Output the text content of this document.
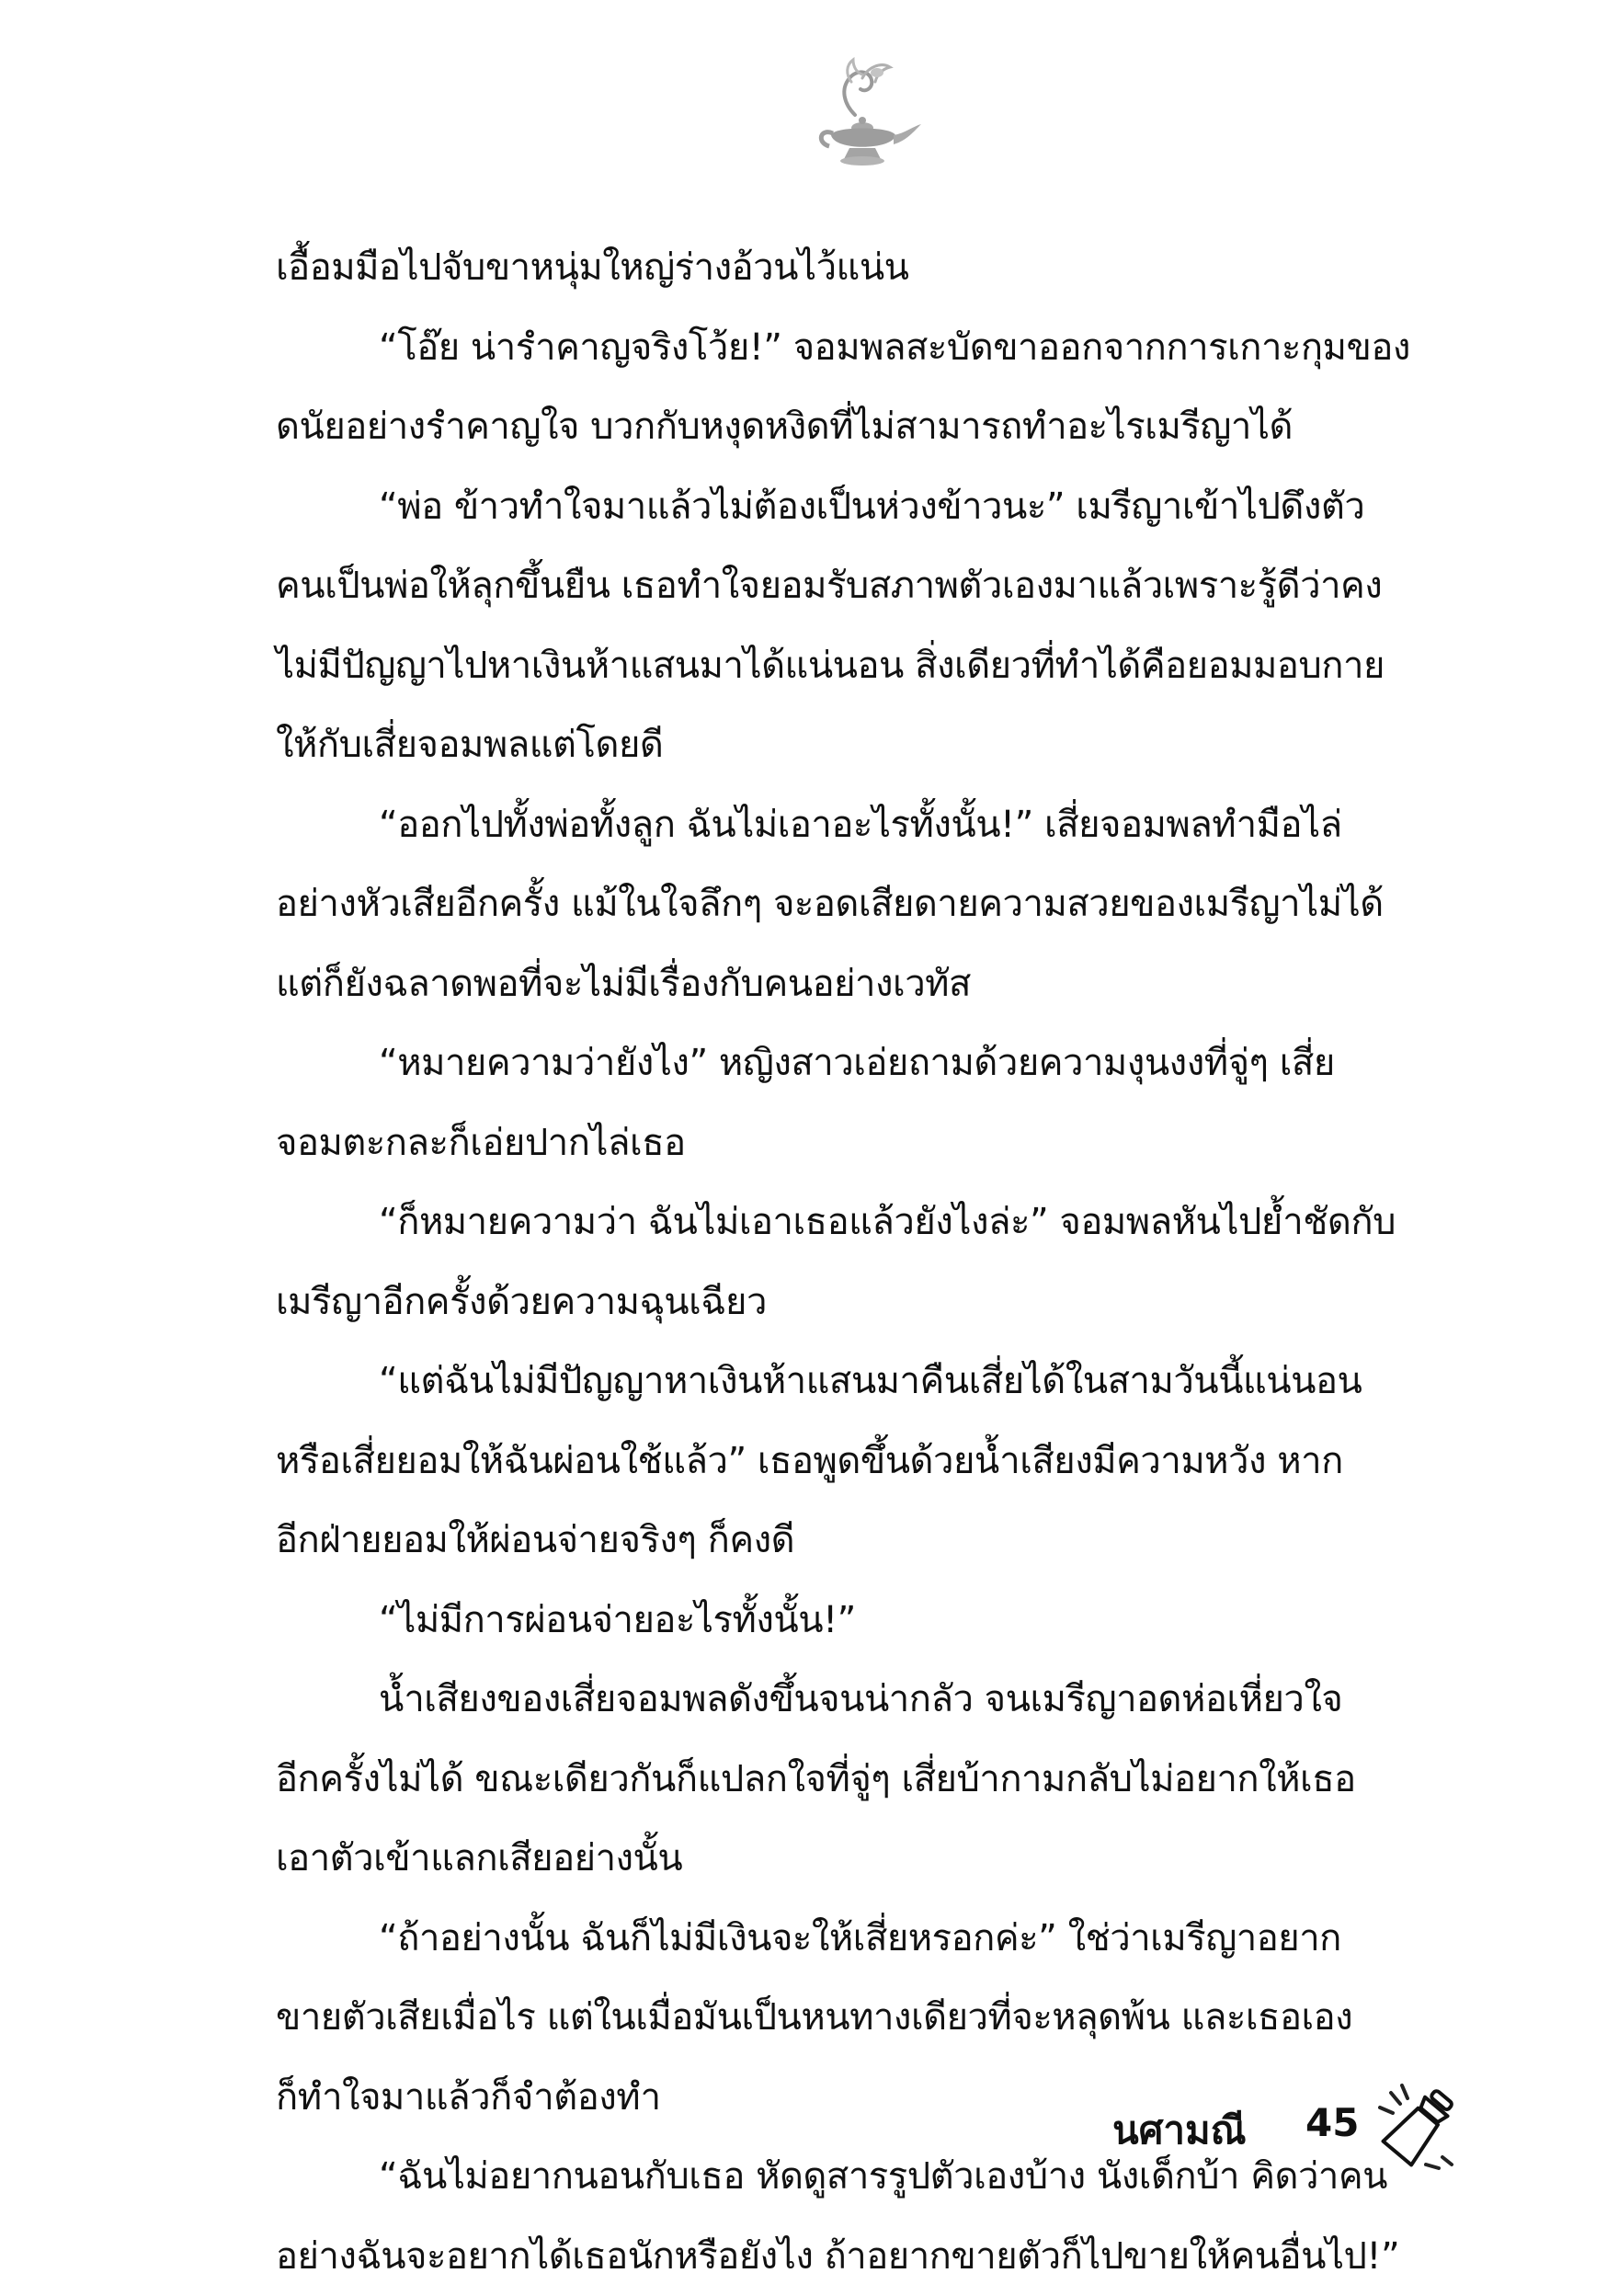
เอื้อมมือไปจับขาหนุ่มใหญ่ร่างอ้วนไว้แน่น
“โอ๊ย น่ารำคาญจริงโว้ย!” จอมพลสะบัดขาออกจากการเกาะกุมของ
ดนัยอย่างรำคาญใจ บวกกับหงุดหงิดที่ไม่สามารถทำอะไรเมรีญาได้
“พ่อ ข้าวทำใจมาแล้วไม่ต้องเป็นห่วงข้าวนะ” เมรีญาเข้าไปดึงตัว
คนเป็นพ่อให้ลุกขึ้นยืน เธอทำใจยอมรับสภาพตัวเองมาแล้วเพราะรู้ดีว่าคง
ไม่มีปัญญาไปหาเงินห้าแสนมาได้แน่นอน สิ่งเดียวที่ทำได้คือยอมมอบกาย
ให้กับเสี่ยจอมพลแต่โดยดี
“ออกไปทั้งพ่อทั้งลูก ฉันไม่เอาอะไรทั้งนั้น!” เสี่ยจอมพลทำมือไล่
อย่างหัวเสียอีกครั้ง แม้ในใจลึกๆ จะอดเสียดายความสวยของเมรีญาไม่ได้
แต่ก็ยังฉลาดพอที่จะไม่มีเรื่องกับคนอย่างเวทัส
“หมายความว่ายังไง” หญิงสาวเอ่ยถามด้วยความงุนงงที่จู่ๆ เสี่ย
จอมตะกละก็เอ่ยปากไล่เธอ
“ก็หมายความว่า ฉันไม่เอาเธอแล้วยังไงล่ะ” จอมพลหันไปย้ำชัดกับ
เมรีญาอีกครั้งด้วยความฉุนเฉียว
“แต่ฉันไม่มีปัญญาหาเงินห้าแสนมาคืนเสี่ยได้ในสามวันนี้แน่นอน
หรือเสี่ยยอมให้ฉันผ่อนใช้แล้ว” เธอพูดขึ้นด้วยน้ำเสียงมีความหวัง หาก
อีกฝ่ายยอมให้ผ่อนจ่ายจริงๆ ก็คงดี
“ไม่มีการผ่อนจ่ายอะไรทั้งนั้น!”
น้ำเสียงของเสี่ยจอมพลดังขึ้นจนน่ากลัว จนเมรีญาอดห่อเหี่ยวใจ
อีกครั้งไม่ได้ ขณะเดียวกันก็แปลกใจที่จู่ๆ เสี่ยบ้ากามกลับไม่อยากให้เธอ
เอาตัวเข้าแลกเสียอย่างนั้น
“ถ้าอย่างนั้น ฉันก็ไม่มีเงินจะให้เสี่ยหรอกค่ะ” ใช่ว่าเมรีญาอยาก
ขายตัวเสียเมื่อไร แต่ในเมื่อมันเป็นหนทางเดียวที่จะหลุดพ้น และเธอเอง
ก็ทำใจมาแล้วก็จำต้องทำ
“ฉันไม่อยากนอนกับเธอ หัดดูสารรูปตัวเองบ้าง นังเด็กบ้า คิดว่าคน
อย่างฉันจะอยากได้เธอนักหรือยังไง ถ้าอยากขายตัวก็ไปขายให้คนอื่นไป!”
นศามณี 45
